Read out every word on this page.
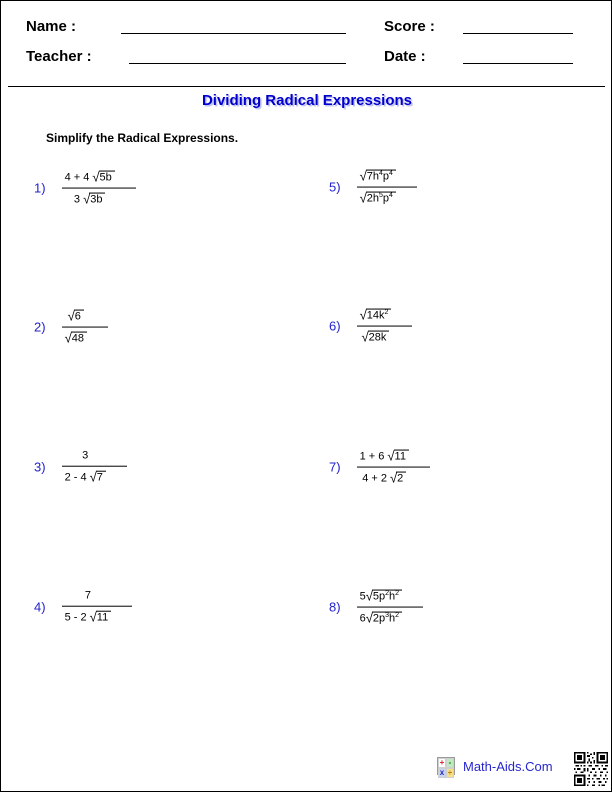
Name :	Score :
Teacher :	Date :
Dividing Radical Expressions
Simplify the Radical Expressions.
$1) \frac{4 + 4 √5b}{3 √3b}$
$2) \frac{√6}{√48}$
$3) \frac{3}{2 - 4 √7}$
$4) \frac{7}{5 - 2 √11}$
$5) \frac{√7h^4p^4}{√2h^5p^4}$
$6) \frac{√14k^2}{√28k}$
$7) \frac{1 + 6 √11}{4 + 2 √2}$
$8) \frac{5√5p^2h^2}{6√2p^3h^2}$
+ -
x ÷ Math-Aids.Com
